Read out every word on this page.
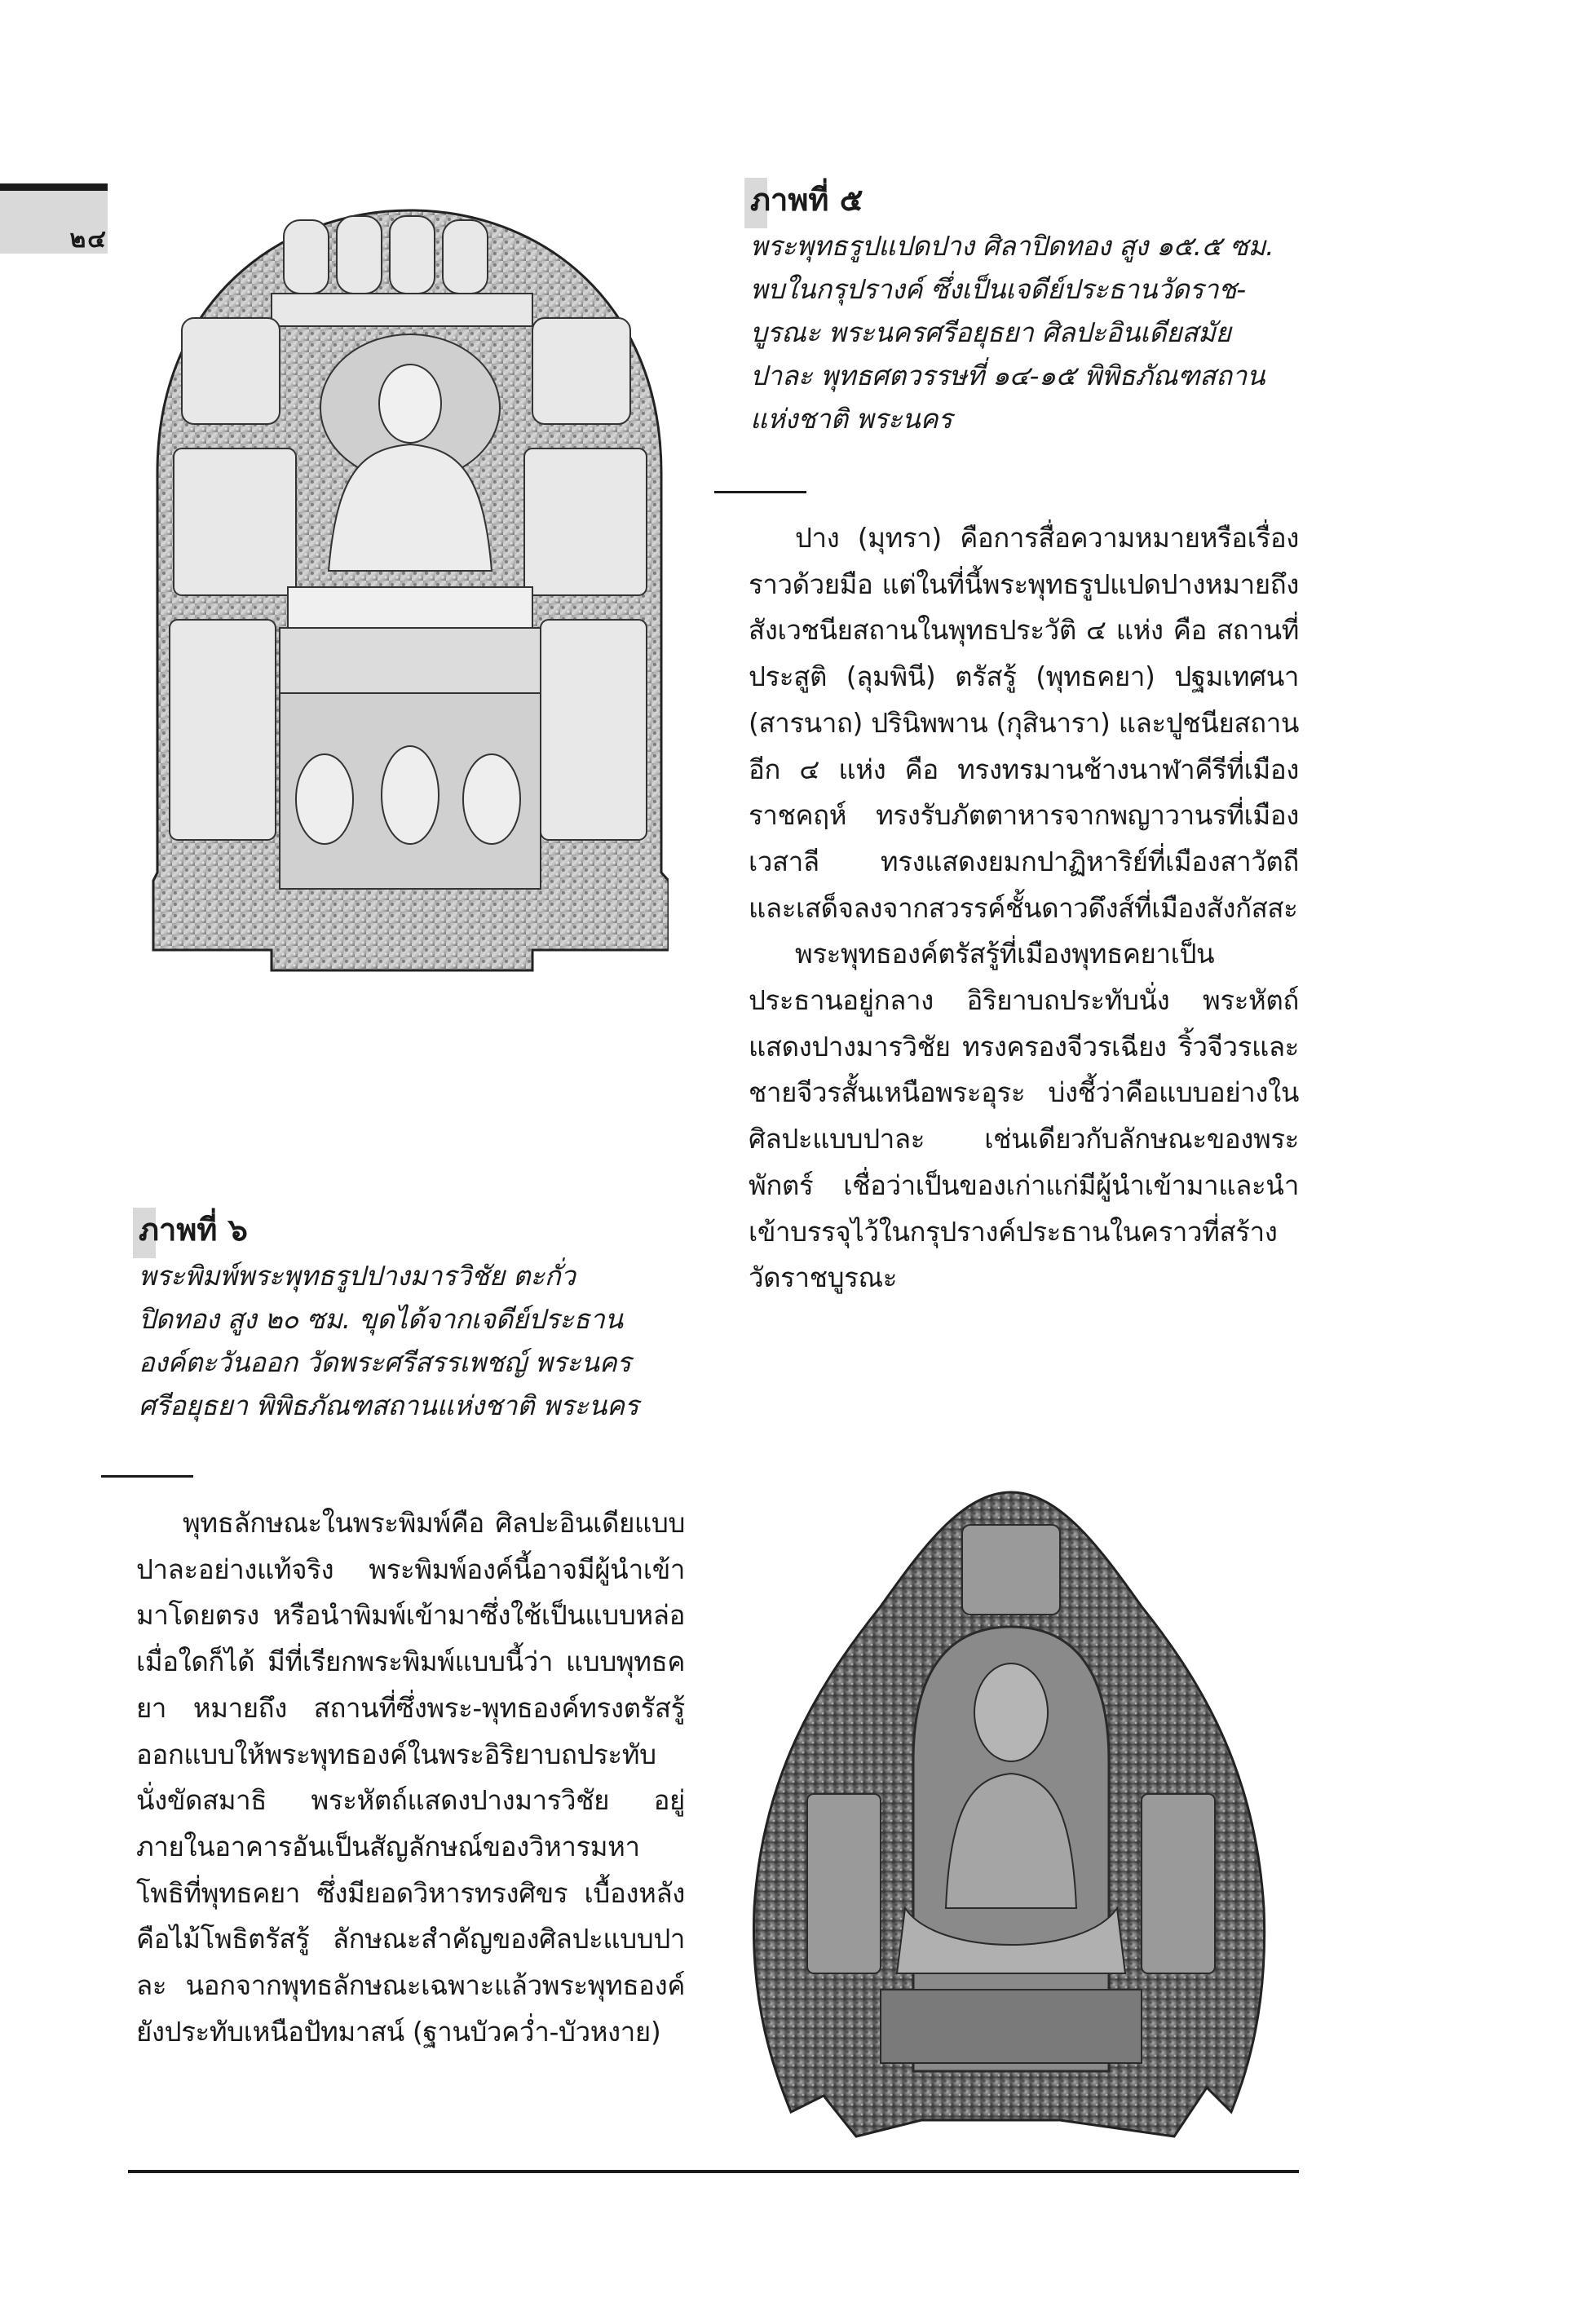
๒๔
ภาพที่ ๕
พระพุทธรูปแปดปาง ศิลาปิดทอง สูง ๑๕.๕ ซม.
พบในกรุปรางค์ ซึ่งเป็นเจดีย์ประธานวัดราช-
บูรณะ พระนครศรีอยุธยา ศิลปะอินเดียสมัย
ปาละ พุทธศตวรรษที่ ๑๔-๑๕ พิพิธภัณฑสถาน
แห่งชาติ พระนคร

ปาง (มุทรา) คือการสื่อความหมายหรือเรื่องราวด้วยมือ แต่ในที่นี้พระพุทธรูปแปดปางหมายถึง สังเวชนียสถานในพุทธประวัติ ๔ แห่ง คือ สถานที่ประสูติ (ลุมพินี) ตรัสรู้ (พุทธคยา) ปฐมเทศนา (สารนาถ) ปรินิพพาน (กุสินารา) และปูชนียสถานอีก ๔ แห่ง คือ ทรงทรมานช้างนาฬาคีรีที่เมืองราชคฤห์ ทรงรับภัตตาหารจากพญาวานรที่เมืองเวสาลี ทรงแสดงยมกปาฏิหาริย์ที่เมืองสาวัตถี และเสด็จลงจากสวรรค์ชั้นดาวดึงส์ที่เมืองสังกัสสะ

พระพุทธองค์ตรัสรู้ที่เมืองพุทธคยาเป็นประธานอยู่กลาง อิริยาบถประทับนั่ง พระหัตถ์แสดงปางมารวิชัย ทรงครองจีวรเฉียง ริ้วจีวรและชายจีวรสั้นเหนือพระอุระ บ่งชี้ว่าคือแบบอย่างในศิลปะแบบปาละ เช่นเดียวกับลักษณะของพระพักตร์ เชื่อว่าเป็นของเก่าแก่มีผู้นำเข้ามาและนำเข้าบรรจุไว้ในกรุปรางค์ประธานในคราวที่สร้างวัดราชบูรณะ

ภาพที่ ๖
พระพิมพ์พระพุทธรูปปางมารวิชัย ตะกั่ว
ปิดทอง สูง ๒๐ ซม. ขุดได้จากเจดีย์ประธาน
องค์ตะวันออก วัดพระศรีสรรเพชญ์ พระนคร
ศรีอยุธยา พิพิธภัณฑสถานแห่งชาติ พระนคร

พุทธลักษณะในพระพิมพ์คือ ศิลปะอินเดียแบบปาละอย่างแท้จริง พระพิมพ์องค์นี้อาจมีผู้นำเข้ามาโดยตรง หรือนำพิมพ์เข้ามาซึ่งใช้เป็นแบบหล่อเมื่อใดก็ได้ มีที่เรียกพระพิมพ์แบบนี้ว่า แบบพุทธคยา หมายถึง สถานที่ซึ่งพระ-พุทธองค์ทรงตรัสรู้ ออกแบบให้พระพุทธองค์ในพระอิริยาบถประทับนั่งขัดสมาธิ พระหัตถ์แสดงปางมารวิชัย อยู่ภายในอาคารอันเป็นสัญลักษณ์ของวิหารมหาโพธิที่พุทธคยา ซึ่งมียอดวิหารทรงศิขร เบื้องหลังคือไม้โพธิตรัสรู้ ลักษณะสำคัญของศิลปะแบบปาละ นอกจากพุทธลักษณะเฉพาะแล้วพระพุทธองค์ยังประทับเหนือปัทมาสน์ (ฐานบัวคว่ำ-บัวหงาย)
